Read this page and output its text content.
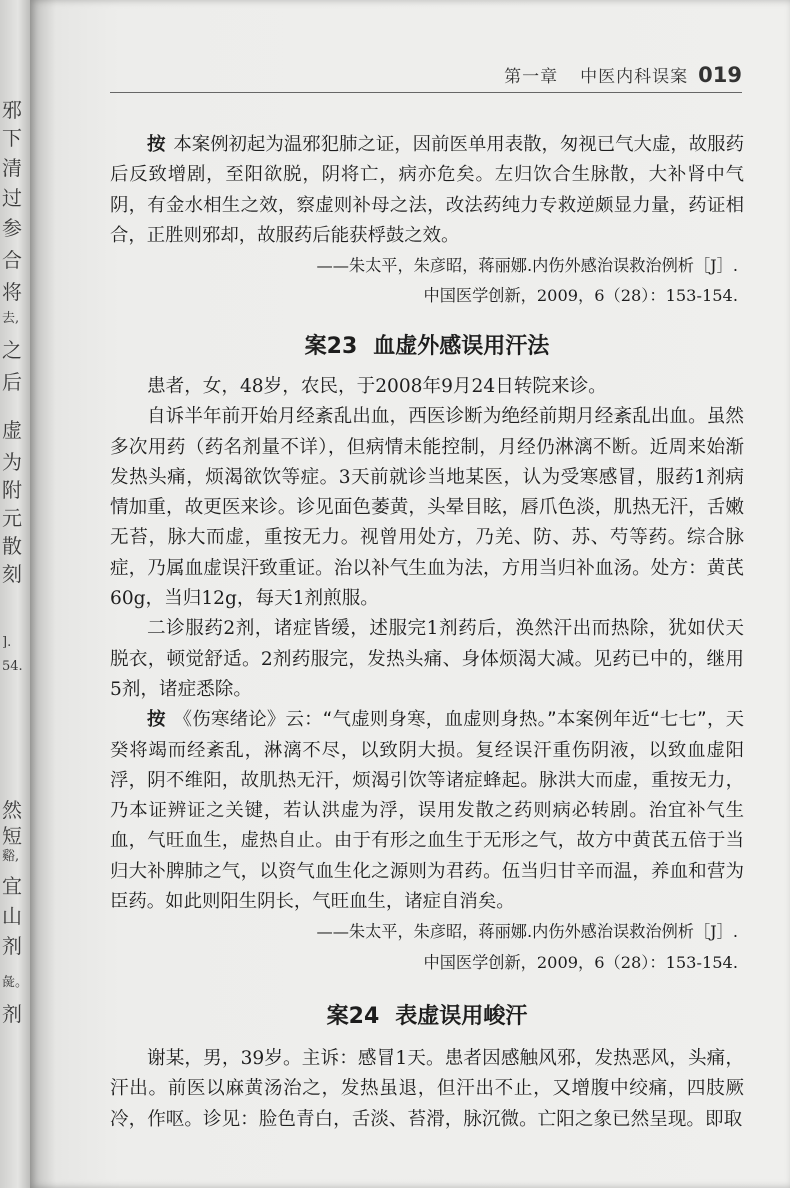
邪
下
清
过
参
合
将
去,
之
后
虚
为
附
元
散
刻
].
54.
然
短
谿,
宜
山
剂
彘。
剂
第一章 中医内科误案 019

按 本案例初起为温邪犯肺之证，因前医单用表散，匆视已气大虚，故服药后反致增剧，至阳欲脱，阴将亡，病亦危矣。左归饮合生脉散，大补肾中气阴，有金水相生之效，察虚则补母之法，改法药纯力专救逆颇显力量，药证相合，正胜则邪却，故服药后能获桴鼓之效。

——朱太平，朱彦昭，蒋丽娜.内伤外感治误救治例析［J］.

中国医学创新，2009，6（28）：153-154.

案23 血虚外感误用汗法

患者，女，48岁，农民，于2008年9月24日转院来诊。

自诉半年前开始月经紊乱出血，西医诊断为绝经前期月经紊乱出血。虽然多次用药（药名剂量不详），但病情未能控制，月经仍淋漓不断。近周来始渐发热头痛，烦渴欲饮等症。3天前就诊当地某医，认为受寒感冒，服药1剂病情加重，故更医来诊。诊见面色萎黄，头晕目眩，唇爪色淡，肌热无汗，舌嫩无苔，脉大而虚，重按无力。视曾用处方，乃羌、防、苏、芍等药。综合脉症，乃属血虚误汗致重证。治以补气生血为法，方用当归补血汤。处方：黄芪60g，当归12g，每天1剂煎服。

二诊服药2剂，诸症皆缓，述服完1剂药后，涣然汗出而热除，犹如伏天脱衣，顿觉舒适。2剂药服完，发热头痛、身体烦渴大减。见药已中的，继用5剂，诸症悉除。

按 《伤寒绪论》云：“气虚则身寒，血虚则身热。”本案例年近“七七”，天癸将竭而经紊乱，淋漓不尽，以致阴大损。复经误汗重伤阴液，以致血虚阳浮，阴不维阳，故肌热无汗，烦渴引饮等诸症蜂起。脉洪大而虚，重按无力，乃本证辨证之关键，若认洪虚为浮，误用发散之药则病必转剧。治宜补气生血，气旺血生，虚热自止。由于有形之血生于无形之气，故方中黄芪五倍于当归大补脾肺之气，以资气血生化之源则为君药。伍当归甘辛而温，养血和营为臣药。如此则阳生阴长，气旺血生，诸症自消矣。

——朱太平，朱彦昭，蒋丽娜.内伤外感治误救治例析［J］.

中国医学创新，2009，6（28）：153-154.

案24 表虚误用峻汗

谢某，男，39岁。主诉：感冒1天。患者因感触风邪，发热恶风，头痛，汗出。前医以麻黄汤治之，发热虽退，但汗出不止，又增腹中绞痛，四肢厥冷，作呕。诊见：脸色青白，舌淡、苔滑，脉沉微。亡阳之象已然呈现。即取
